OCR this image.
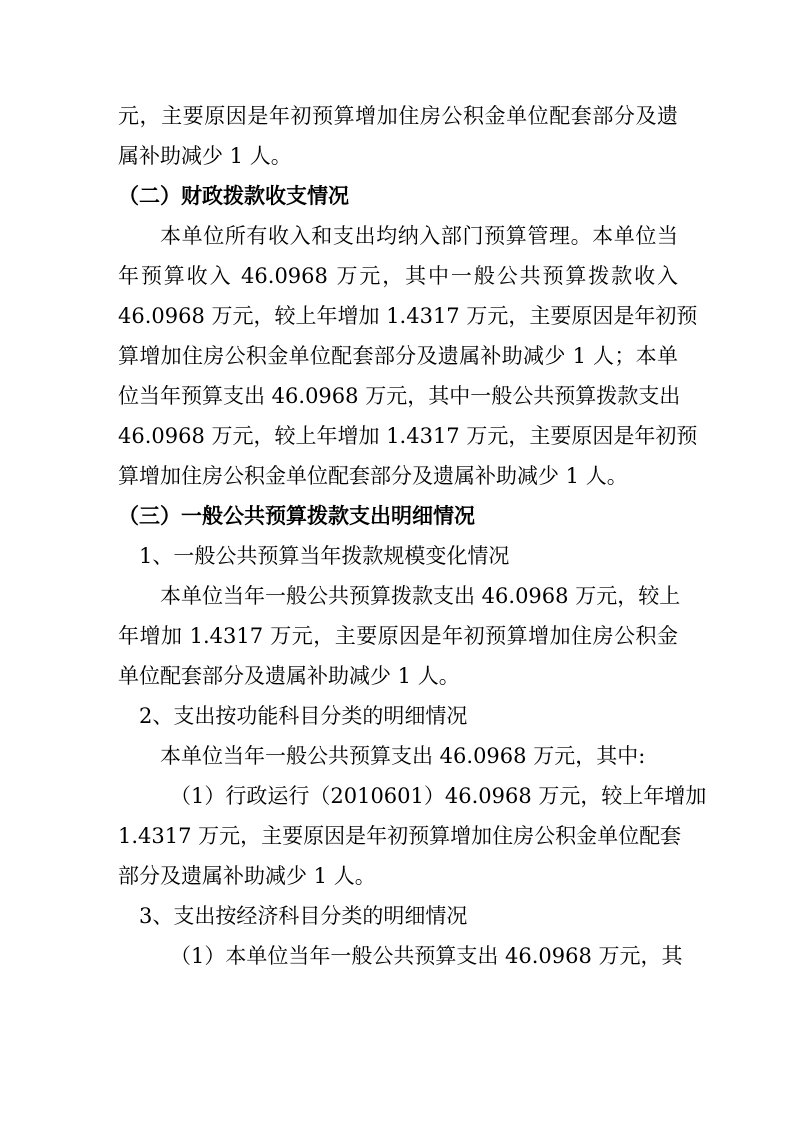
元，主要原因是年初预算增加住房公积金单位配套部分及遗
属补助减少 1 人。
（二）财政拨款收支情况
本单位所有收入和支出均纳入部门预算管理。本单位当
年预算收入 46.0968 万元，其中一般公共预算拨款收入
46.0968 万元，较上年增加 1.4317 万元，主要原因是年初预
算增加住房公积金单位配套部分及遗属补助减少 1 人；本单
位当年预算支出 46.0968 万元，其中一般公共预算拨款支出
46.0968 万元，较上年增加 1.4317 万元，主要原因是年初预
算增加住房公积金单位配套部分及遗属补助减少 1 人。
（三）一般公共预算拨款支出明细情况
1、一般公共预算当年拨款规模变化情况
本单位当年一般公共预算拨款支出 46.0968 万元，较上
年增加 1.4317 万元，主要原因是年初预算增加住房公积金
单位配套部分及遗属补助减少 1 人。
2、支出按功能科目分类的明细情况
本单位当年一般公共预算支出 46.0968 万元，其中:
（1）行政运行（2010601）46.0968 万元，较上年增加
1.4317 万元，主要原因是年初预算增加住房公积金单位配套
部分及遗属补助减少 1 人。
3、支出按经济科目分类的明细情况
（1）本单位当年一般公共预算支出 46.0968 万元，其
